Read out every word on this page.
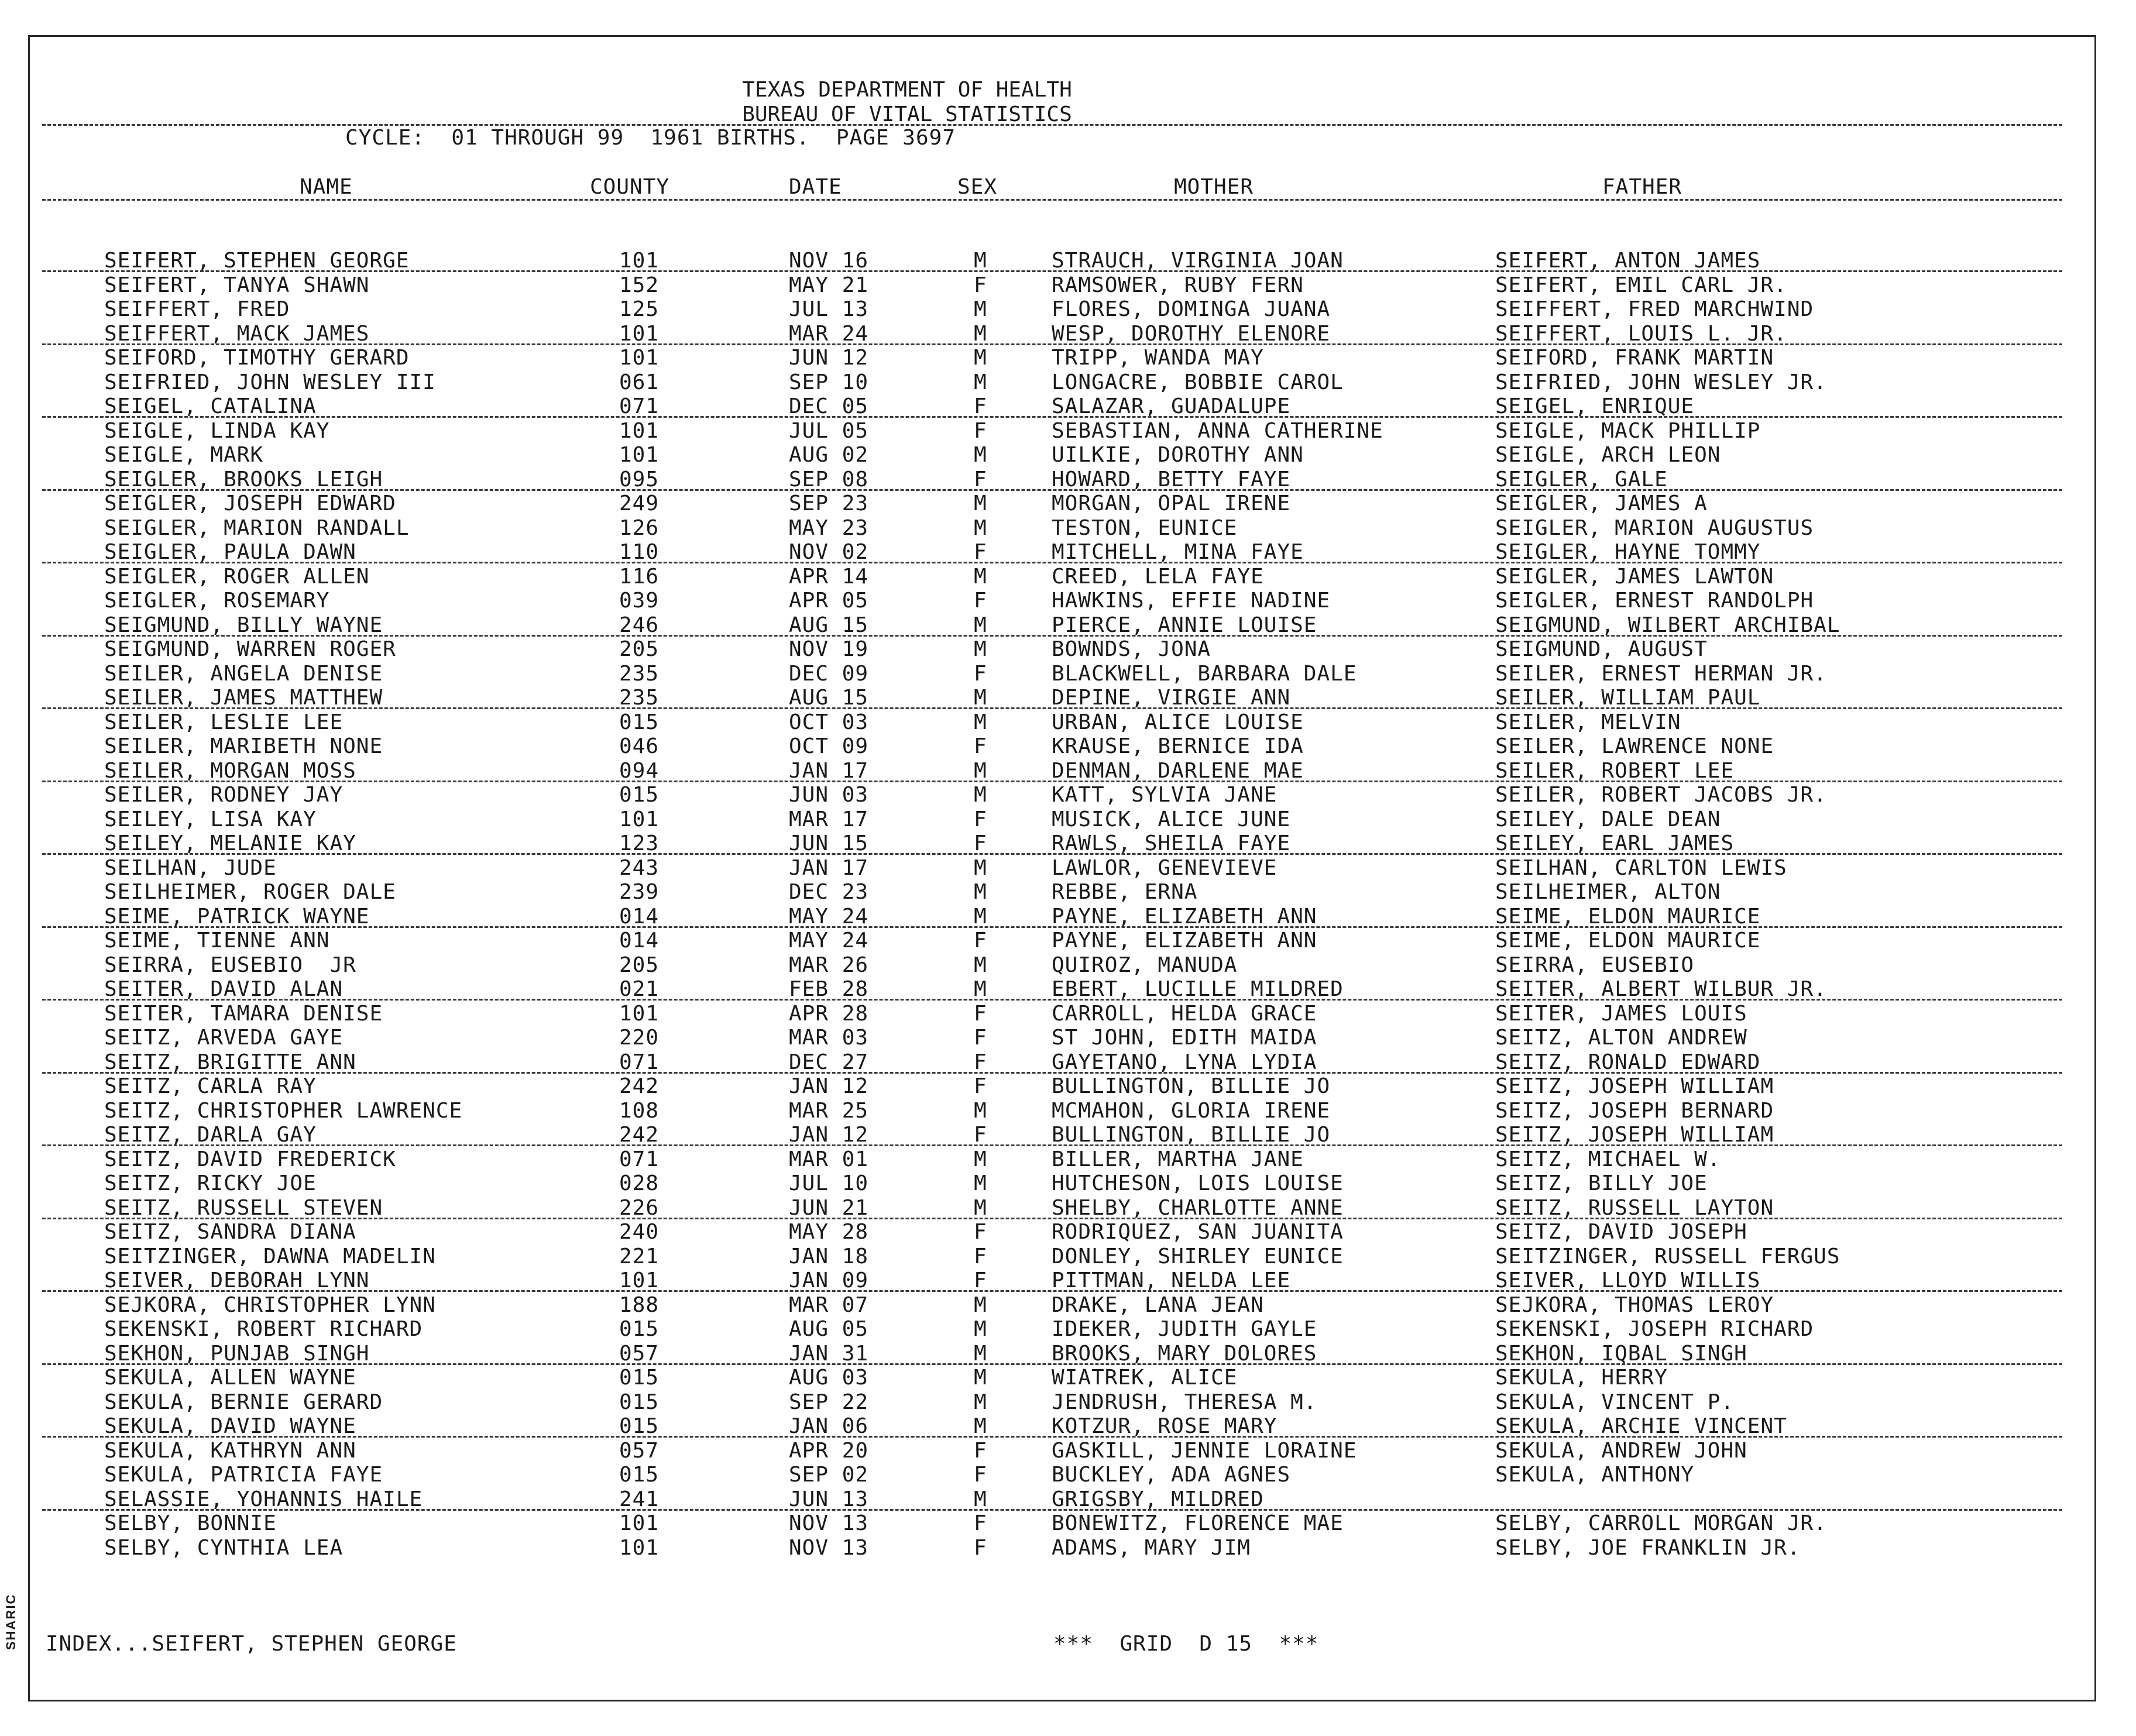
TEXAS DEPARTMENT OF HEALTH
BUREAU OF VITAL STATISTICS
CYCLE:  01 THROUGH 99  1961 BIRTHS.  PAGE 3697
NAME	COUNTY	DATE	SEX	MOTHER	FATHER
SEIFERT, STEPHEN GEORGE	101	NOV 16	M	STRAUCH, VIRGINIA JOAN	SEIFERT, ANTON JAMES
SEIFERT, TANYA SHAWN	152	MAY 21	F	RAMSOWER, RUBY FERN	SEIFERT, EMIL CARL JR.
SEIFFERT, FRED	125	JUL 13	M	FLORES, DOMINGA JUANA	SEIFFERT, FRED MARCHWIND
SEIFFERT, MACK JAMES	101	MAR 24	M	WESP, DOROTHY ELENORE	SEIFFERT, LOUIS L. JR.
SEIFORD, TIMOTHY GERARD	101	JUN 12	M	TRIPP, WANDA MAY	SEIFORD, FRANK MARTIN
SEIFRIED, JOHN WESLEY III	061	SEP 10	M	LONGACRE, BOBBIE CAROL	SEIFRIED, JOHN WESLEY JR.
SEIGEL, CATALINA	071	DEC 05	F	SALAZAR, GUADALUPE	SEIGEL, ENRIQUE
SEIGLE, LINDA KAY	101	JUL 05	F	SEBASTIAN, ANNA CATHERINE	SEIGLE, MACK PHILLIP
SEIGLE, MARK	101	AUG 02	M	UILKIE, DOROTHY ANN	SEIGLE, ARCH LEON
SEIGLER, BROOKS LEIGH	095	SEP 08	F	HOWARD, BETTY FAYE	SEIGLER, GALE
SEIGLER, JOSEPH EDWARD	249	SEP 23	M	MORGAN, OPAL IRENE	SEIGLER, JAMES A
SEIGLER, MARION RANDALL	126	MAY 23	M	TESTON, EUNICE	SEIGLER, MARION AUGUSTUS
SEIGLER, PAULA DAWN	110	NOV 02	F	MITCHELL, MINA FAYE	SEIGLER, HAYNE TOMMY
SEIGLER, ROGER ALLEN	116	APR 14	M	CREED, LELA FAYE	SEIGLER, JAMES LAWTON
SEIGLER, ROSEMARY	039	APR 05	F	HAWKINS, EFFIE NADINE	SEIGLER, ERNEST RANDOLPH
SEIGMUND, BILLY WAYNE	246	AUG 15	M	PIERCE, ANNIE LOUISE	SEIGMUND, WILBERT ARCHIBAL
SEIGMUND, WARREN ROGER	205	NOV 19	M	BOWNDS, JONA	SEIGMUND, AUGUST
SEILER, ANGELA DENISE	235	DEC 09	F	BLACKWELL, BARBARA DALE	SEILER, ERNEST HERMAN JR.
SEILER, JAMES MATTHEW	235	AUG 15	M	DEPINE, VIRGIE ANN	SEILER, WILLIAM PAUL
SEILER, LESLIE LEE	015	OCT 03	M	URBAN, ALICE LOUISE	SEILER, MELVIN
SEILER, MARIBETH NONE	046	OCT 09	F	KRAUSE, BERNICE IDA	SEILER, LAWRENCE NONE
SEILER, MORGAN MOSS	094	JAN 17	M	DENMAN, DARLENE MAE	SEILER, ROBERT LEE
SEILER, RODNEY JAY	015	JUN 03	M	KATT, SYLVIA JANE	SEILER, ROBERT JACOBS JR.
SEILEY, LISA KAY	101	MAR 17	F	MUSICK, ALICE JUNE	SEILEY, DALE DEAN
SEILEY, MELANIE KAY	123	JUN 15	F	RAWLS, SHEILA FAYE	SEILEY, EARL JAMES
SEILHAN, JUDE	243	JAN 17	M	LAWLOR, GENEVIEVE	SEILHAN, CARLTON LEWIS
SEILHEIMER, ROGER DALE	239	DEC 23	M	REBBE, ERNA	SEILHEIMER, ALTON
SEIME, PATRICK WAYNE	014	MAY 24	M	PAYNE, ELIZABETH ANN	SEIME, ELDON MAURICE
SEIME, TIENNE ANN	014	MAY 24	F	PAYNE, ELIZABETH ANN	SEIME, ELDON MAURICE
SEIRRA, EUSEBIO  JR	205	MAR 26	M	QUIROZ, MANUDA	SEIRRA, EUSEBIO
SEITER, DAVID ALAN	021	FEB 28	M	EBERT, LUCILLE MILDRED	SEITER, ALBERT WILBUR JR.
SEITER, TAMARA DENISE	101	APR 28	F	CARROLL, HELDA GRACE	SEITER, JAMES LOUIS
SEITZ, ARVEDA GAYE	220	MAR 03	F	ST JOHN, EDITH MAIDA	SEITZ, ALTON ANDREW
SEITZ, BRIGITTE ANN	071	DEC 27	F	GAYETANO, LYNA LYDIA	SEITZ, RONALD EDWARD
SEITZ, CARLA RAY	242	JAN 12	F	BULLINGTON, BILLIE JO	SEITZ, JOSEPH WILLIAM
SEITZ, CHRISTOPHER LAWRENCE	108	MAR 25	M	MCMAHON, GLORIA IRENE	SEITZ, JOSEPH BERNARD
SEITZ, DARLA GAY	242	JAN 12	F	BULLINGTON, BILLIE JO	SEITZ, JOSEPH WILLIAM
SEITZ, DAVID FREDERICK	071	MAR 01	M	BILLER, MARTHA JANE	SEITZ, MICHAEL W.
SEITZ, RICKY JOE	028	JUL 10	M	HUTCHESON, LOIS LOUISE	SEITZ, BILLY JOE
SEITZ, RUSSELL STEVEN	226	JUN 21	M	SHELBY, CHARLOTTE ANNE	SEITZ, RUSSELL LAYTON
SEITZ, SANDRA DIANA	240	MAY 28	F	RODRIQUEZ, SAN JUANITA	SEITZ, DAVID JOSEPH
SEITZINGER, DAWNA MADELIN	221	JAN 18	F	DONLEY, SHIRLEY EUNICE	SEITZINGER, RUSSELL FERGUS
SEIVER, DEBORAH LYNN	101	JAN 09	F	PITTMAN, NELDA LEE	SEIVER, LLOYD WILLIS
SEJKORA, CHRISTOPHER LYNN	188	MAR 07	M	DRAKE, LANA JEAN	SEJKORA, THOMAS LEROY
SEKENSKI, ROBERT RICHARD	015	AUG 05	M	IDEKER, JUDITH GAYLE	SEKENSKI, JOSEPH RICHARD
SEKHON, PUNJAB SINGH	057	JAN 31	M	BROOKS, MARY DOLORES	SEKHON, IQBAL SINGH
SEKULA, ALLEN WAYNE	015	AUG 03	M	WIATREK, ALICE	SEKULA, HERRY
SEKULA, BERNIE GERARD	015	SEP 22	M	JENDRUSH, THERESA M.	SEKULA, VINCENT P.
SEKULA, DAVID WAYNE	015	JAN 06	M	KOTZUR, ROSE MARY	SEKULA, ARCHIE VINCENT
SEKULA, KATHRYN ANN	057	APR 20	F	GASKILL, JENNIE LORAINE	SEKULA, ANDREW JOHN
SEKULA, PATRICIA FAYE	015	SEP 02	F	BUCKLEY, ADA AGNES	SEKULA, ANTHONY
SELASSIE, YOHANNIS HAILE	241	JUN 13	M	GRIGSBY, MILDRED
SELBY, BONNIE	101	NOV 13	F	BONEWITZ, FLORENCE MAE	SELBY, CARROLL MORGAN JR.
SELBY, CYNTHIA LEA	101	NOV 13	F	ADAMS, MARY JIM	SELBY, JOE FRANKLIN JR.
INDEX...SEIFERT, STEPHEN GEORGE	***  GRID  D 15  ***
SHARIC
